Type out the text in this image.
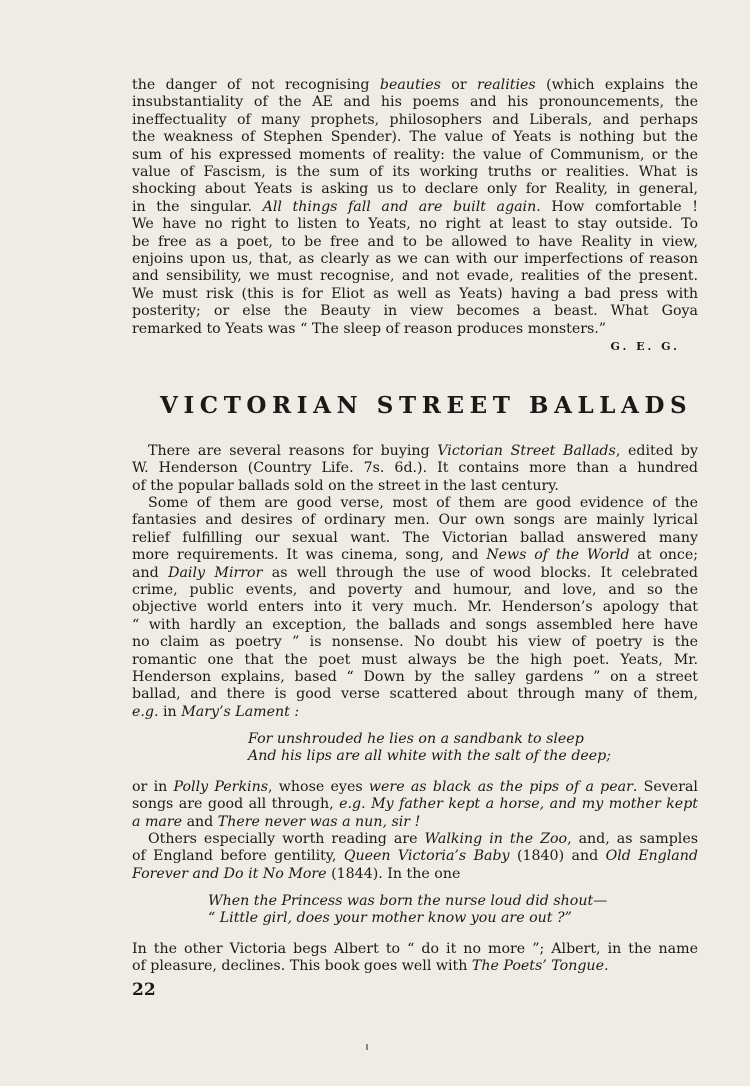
the danger of not recognising beauties or realities (which explains the
insubstantiality of the AE and his poems and his pronouncements, the
ineffectuality of many prophets, philosophers and Liberals, and perhaps
the weakness of Stephen Spender). The value of Yeats is nothing but the
sum of his expressed moments of reality: the value of Communism, or the
value of Fascism, is the sum of its working truths or realities. What is
shocking about Yeats is asking us to declare only for Reality, in general,
in the singular. All things fall and are built again. How comfortable !
We have no right to listen to Yeats, no right at least to stay outside. To
be free as a poet, to be free and to be allowed to have Reality in view,
enjoins upon us, that, as clearly as we can with our imperfections of reason
and sensibility, we must recognise, and not evade, realities of the present.
We must risk (this is for Eliot as well as Yeats) having a bad press with
posterity; or else the Beauty in view becomes a beast. What Goya
remarked to Yeats was “ The sleep of reason produces monsters.”
G. E. G.
VICTORIAN STREET BALLADS
There are several reasons for buying Victorian Street Ballads, edited by
W. Henderson (Country Life. 7s. 6d.). It contains more than a hundred
of the popular ballads sold on the street in the last century.
Some of them are good verse, most of them are good evidence of the
fantasies and desires of ordinary men. Our own songs are mainly lyrical
relief fulfilling our sexual want. The Victorian ballad answered many
more requirements. It was cinema, song, and News of the World at once;
and Daily Mirror as well through the use of wood blocks. It celebrated
crime, public events, and poverty and humour, and love, and so the
objective world enters into it very much. Mr. Henderson’s apology that
“ with hardly an exception, the ballads and songs assembled here have
no claim as poetry ” is nonsense. No doubt his view of poetry is the
romantic one that the poet must always be the high poet. Yeats, Mr.
Henderson explains, based “ Down by the salley gardens ” on a street
ballad, and there is good verse scattered about through many of them,
e.g. in Mary’s Lament :
For unshrouded he lies on a sandbank to sleep
And his lips are all white with the salt of the deep;
or in Polly Perkins, whose eyes were as black as the pips of a pear. Several
songs are good all through, e.g. My father kept a horse, and my mother kept
a mare and There never was a nun, sir !
Others especially worth reading are Walking in the Zoo, and, as samples
of England before gentility, Queen Victoria’s Baby (1840) and Old England
Forever and Do it No More (1844). In the one
When the Princess was born the nurse loud did shout—
“ Little girl, does your mother know you are out ?”
In the other Victoria begs Albert to “ do it no more ”; Albert, in the name
of pleasure, declines. This book goes well with The Poets’ Tongue.
22
